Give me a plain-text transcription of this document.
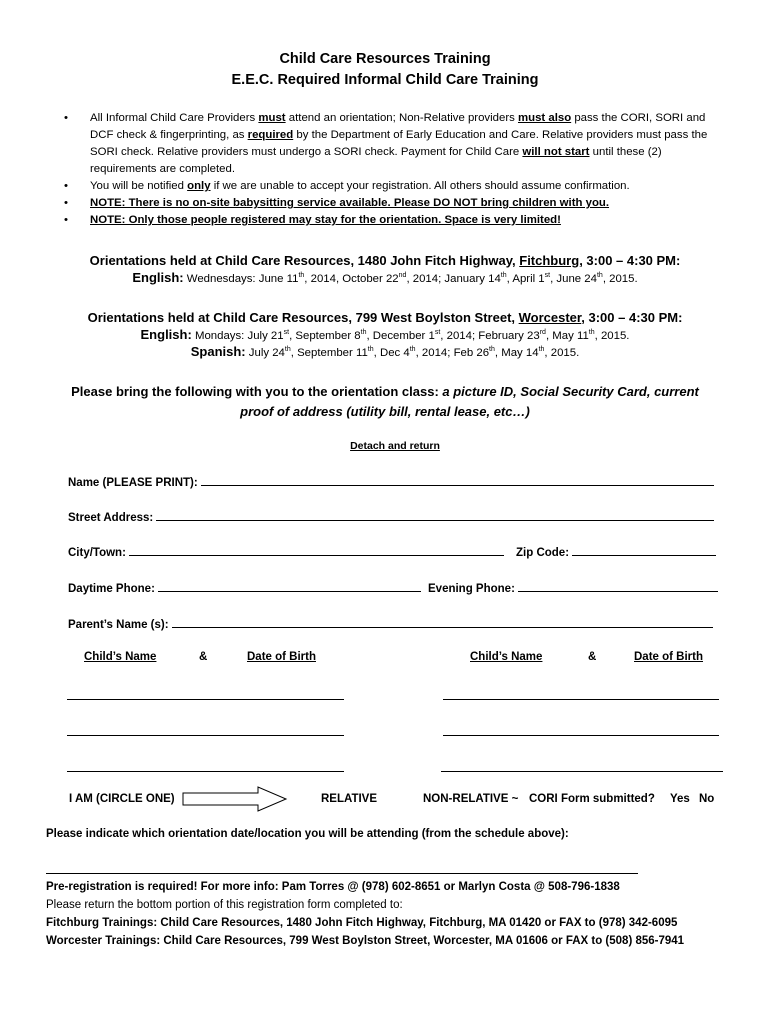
Child Care Resources Training
E.E.C. Required Informal Child Care Training
• All Informal Child Care Providers must attend an orientation; Non-Relative providers must also pass the CORI, SORI and DCF check & fingerprinting, as required by the Department of Early Education and Care. Relative providers must pass the SORI check. Relative providers must undergo a SORI check. Payment for Child Care will not start until these (2) requirements are completed.
• You will be notified only if we are unable to accept your registration. All others should assume confirmation.
• NOTE: There is no on-site babysitting service available. Please DO NOT bring children with you.
• NOTE: Only those people registered may stay for the orientation. Space is very limited!
Orientations held at Child Care Resources, 1480 John Fitch Highway, Fitchburg, 3:00 – 4:30 PM:
English: Wednesdays: June 11th, 2014, October 22nd, 2014; January 14th, April 1st, June 24th, 2015.
Orientations held at Child Care Resources, 799 West Boylston Street, Worcester, 3:00 – 4:30 PM:
English: Mondays: July 21st, September 8th, December 1st, 2014; February 23rd, May 11th, 2015.
Spanish: July 24th, September 11th, Dec 4th, 2014; Feb 26th, May 14th, 2015.
Please bring the following with you to the orientation class: a picture ID, Social Security Card, current proof of address (utility bill, rental lease, etc…)
Detach and return
Name (PLEASE PRINT):
Street Address:
City/Town:	Zip Code:
Daytime Phone:	Evening Phone:
Parent’s Name (s):
Child’s Name	&	Date of Birth	Child’s Name	&	Date of Birth
I AM (CIRCLE ONE)	RELATIVE	NON-RELATIVE ~ CORI Form submitted? Yes No
Please indicate which orientation date/location you will be attending (from the schedule above):
Pre-registration is required! For more info: Pam Torres @ (978) 602-8651 or Marlyn Costa @ 508-796-1838
Please return the bottom portion of this registration form completed to:
Fitchburg Trainings: Child Care Resources, 1480 John Fitch Highway, Fitchburg, MA 01420 or FAX to (978) 342-6095
Worcester Trainings: Child Care Resources, 799 West Boylston Street, Worcester, MA 01606 or FAX to (508) 856-7941
